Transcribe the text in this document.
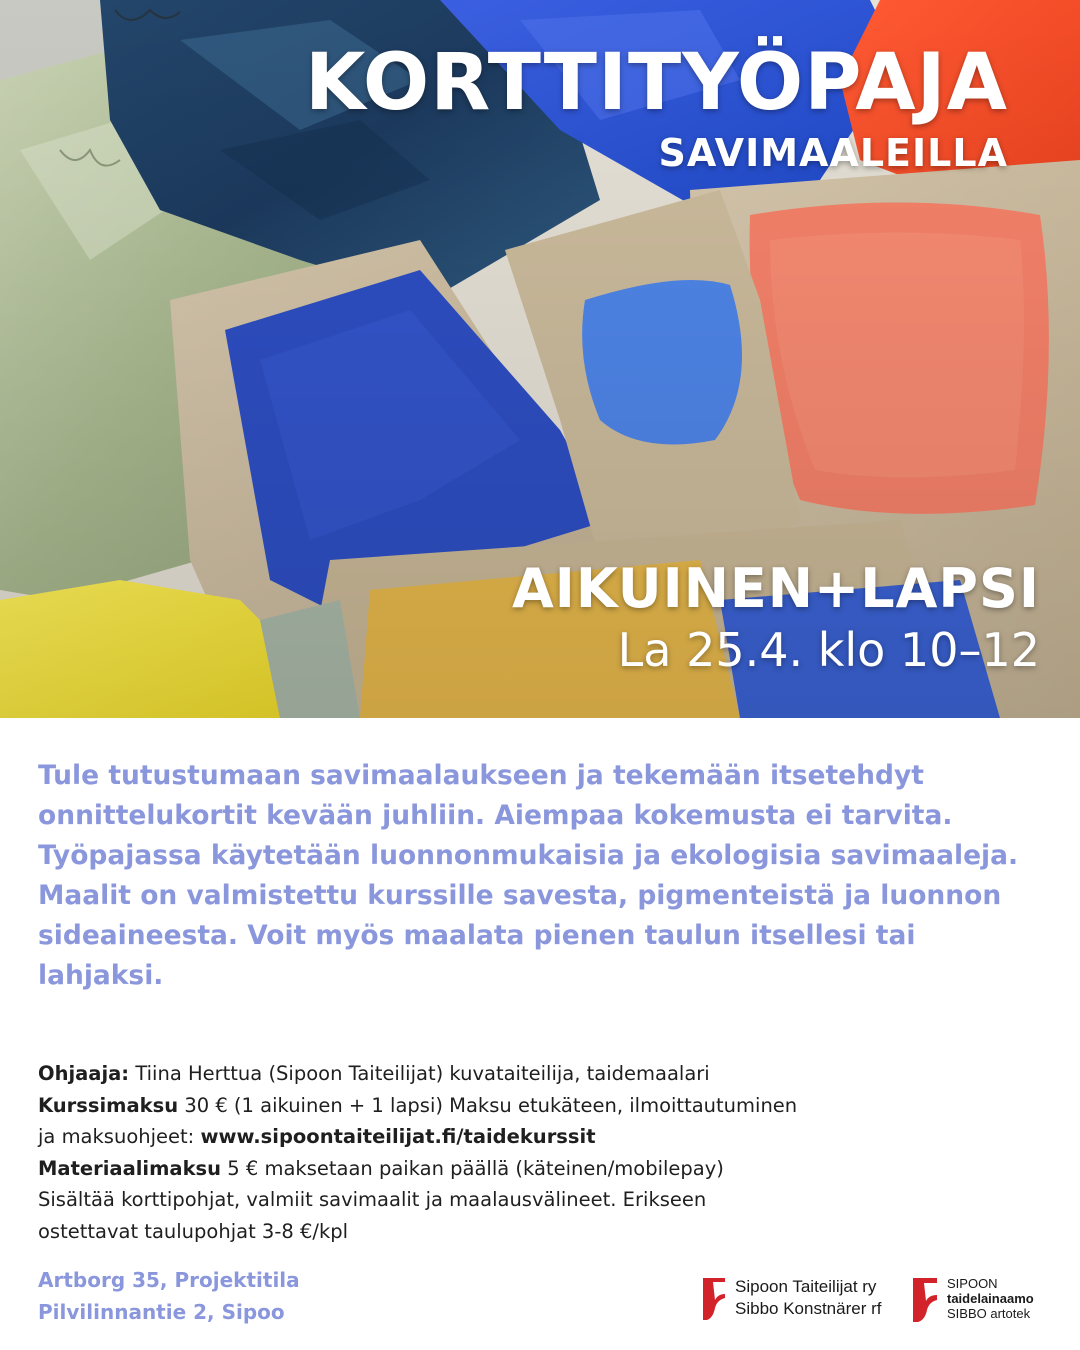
KORTTITYÖPAJA
SAVIMAALEILLA
AIKUINEN+LAPSI
La 25.4. klo 10–12

Tule tutustumaan savimaalaukseen ja tekemään itsetehdyt onnittelukortit kevään juhliin. Aiempaa kokemusta ei tarvita. Työpajassa käytetään luonnonmukaisia ja ekologisia savimaaleja. Maalit on valmistettu kurssille savesta, pigmenteistä ja luonnon sideaineesta. Voit myös maalata pienen taulun itsellesi tai lahjaksi.

Ohjaaja: Tiina Herttua (Sipoon Taiteilijat) kuvataiteilija, taidemaalari
Kurssimaksu 30 € (1 aikuinen + 1 lapsi) Maksu etukäteen, ilmoittautuminen
ja maksuohjeet: www.sipoontaiteilijat.fi/taidekurssit
Materiaalimaksu 5 € maksetaan paikan päällä (käteinen/mobilepay)
Sisältää korttipohjat, valmiit savimaalit ja maalausvälineet. Erikseen
ostettavat taulupohjat 3-8 €/kpl
Artborg 35, Projektitila
Pilvilinnantie 2, Sipoo
Sipoon Taiteilijat ry
Sibbo Konstnärer rf
SIPOON
taidelainaamo
SIBBO artotek
